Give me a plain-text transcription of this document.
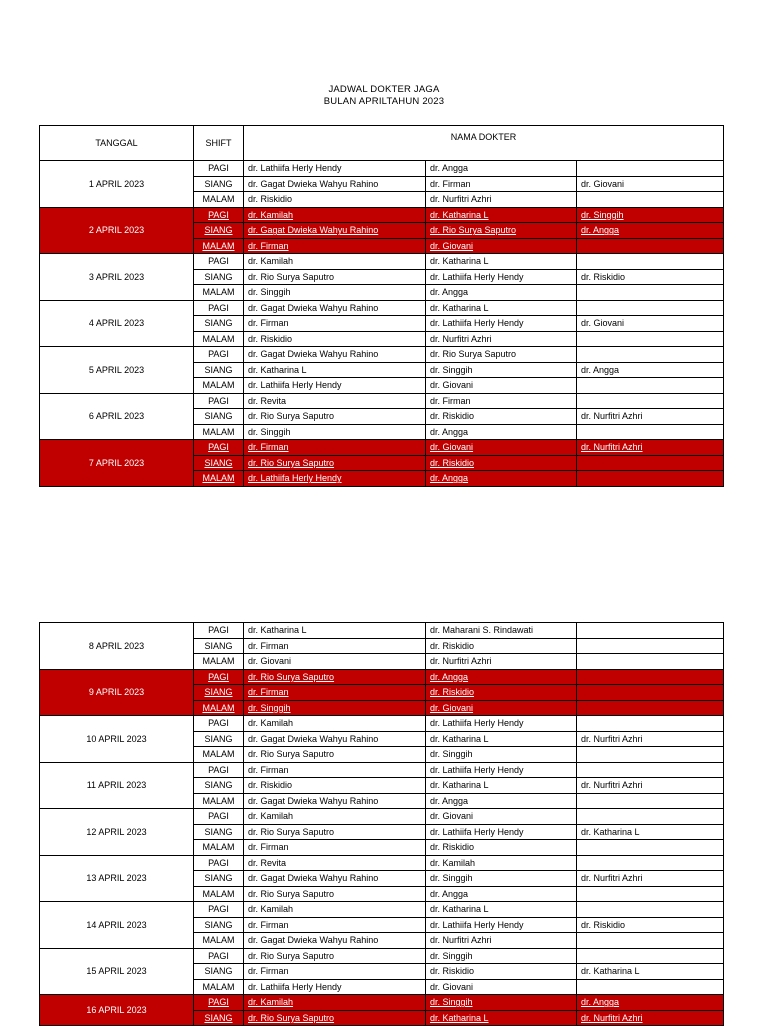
JADWAL DOKTER JAGA
BULAN APRILTAHUN 2023
TANGGAL	SHIFT	NAMA DOKTER		
1 APRIL 2023	PAGI	dr. Lathiifa Herly Hendy	dr. Angga	
	SIANG	dr. Gagat Dwieka Wahyu Rahino	dr. Firman	dr. Giovani
	MALAM	dr. Riskidio	dr. Nurfitri Azhri	
2 APRIL 2023	PAGI	dr. Kamilah	dr. Katharina L	dr. Singgih
	SIANG	dr. Gagat Dwieka Wahyu Rahino	dr. Rio Surya Saputro	dr. Angga
	MALAM	dr. Firman	dr. Giovani	
3 APRIL 2023	PAGI	dr. Kamilah	dr. Katharina L	
	SIANG	dr. Rio Surya Saputro	dr. Lathiifa Herly Hendy	dr. Riskidio
	MALAM	dr. Singgih	dr. Angga	
4 APRIL 2023	PAGI	dr. Gagat Dwieka Wahyu Rahino	dr. Katharina L	
	SIANG	dr. Firman	dr. Lathiifa Herly Hendy	dr. Giovani
	MALAM	dr. Riskidio	dr. Nurfitri Azhri	
5 APRIL 2023	PAGI	dr. Gagat Dwieka Wahyu Rahino	dr. Rio Surya Saputro	
	SIANG	dr. Katharina L	dr. Singgih	dr. Angga
	MALAM	dr. Lathiifa Herly Hendy	dr. Giovani	
6 APRIL 2023	PAGI	dr. Revita	dr. Firman	
	SIANG	dr. Rio Surya Saputro	dr. Riskidio	dr. Nurfitri Azhri
	MALAM	dr. Singgih	dr. Angga	
7 APRIL 2023	PAGI	dr. Firman	dr. Giovani	dr. Nurfitri Azhri
	SIANG	dr. Rio Surya Saputro	dr. Riskidio	
	MALAM	dr. Lathiifa Herly Hendy	dr. Angga	
8 APRIL 2023	PAGI	dr. Katharina L	dr. Maharani S. Rindawati	
	SIANG	dr. Firman	dr. Riskidio	
	MALAM	dr. Giovani	dr. Nurfitri Azhri	
9 APRIL 2023	PAGI	dr. Rio Surya Saputro	dr. Angga	
	SIANG	dr. Firman	dr. Riskidio	
	MALAM	dr. Singgih	dr. Giovani	
10 APRIL 2023	PAGI	dr. Kamilah	dr. Lathiifa Herly Hendy	
	SIANG	dr. Gagat Dwieka Wahyu Rahino	dr. Katharina L	dr. Nurfitri Azhri
	MALAM	dr. Rio Surya Saputro	dr. Singgih	
11 APRIL 2023	PAGI	dr. Firman	dr. Lathiifa Herly Hendy	
	SIANG	dr. Riskidio	dr. Katharina L	dr. Nurfitri Azhri
	MALAM	dr. Gagat Dwieka Wahyu Rahino	dr. Angga	
12 APRIL 2023	PAGI	dr. Kamilah	dr. Giovani	
	SIANG	dr. Rio Surya Saputro	dr. Lathiifa Herly Hendy	dr. Katharina L
	MALAM	dr. Firman	dr. Riskidio	
13 APRIL 2023	PAGI	dr. Revita	dr. Kamilah	
	SIANG	dr. Gagat Dwieka Wahyu Rahino	dr. Singgih	dr. Nurfitri Azhri
	MALAM	dr. Rio Surya Saputro	dr. Angga	
14 APRIL 2023	PAGI	dr. Kamilah	dr. Katharina L	
	SIANG	dr. Firman	dr. Lathiifa Herly Hendy	dr. Riskidio
	MALAM	dr. Gagat Dwieka Wahyu Rahino	dr. Nurfitri Azhri	
15 APRIL 2023	PAGI	dr. Rio Surya Saputro	dr. Singgih	
	SIANG	dr. Firman	dr. Riskidio	dr. Katharina L
	MALAM	dr. Lathiifa Herly Hendy	dr. Giovani	
16 APRIL 2023	PAGI	dr. Kamilah	dr. Singgih	dr. Angga
	SIANG	dr. Rio Surya Saputro	dr. Katharina L	dr. Nurfitri Azhri
